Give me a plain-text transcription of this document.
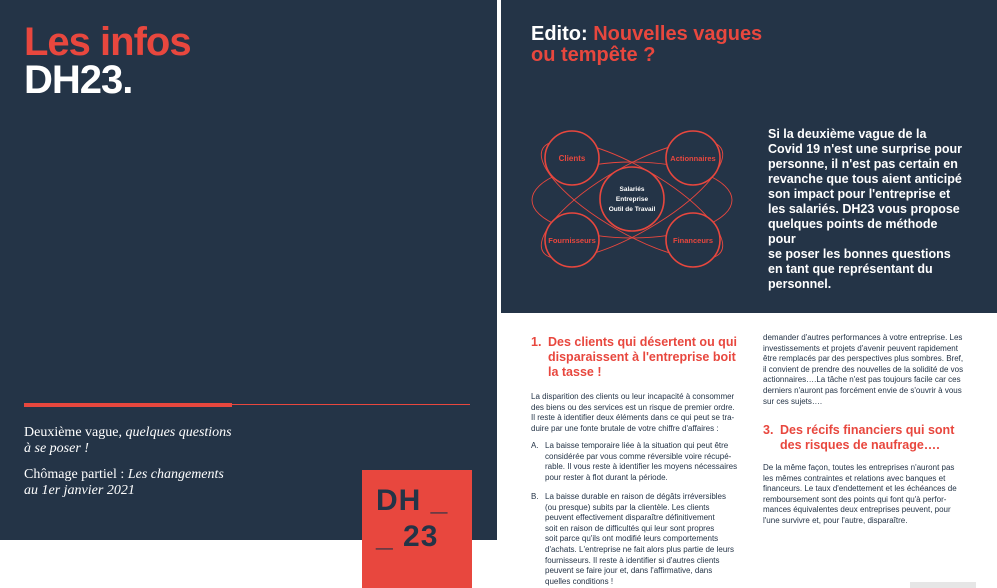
Les infos
DH23.

Deuxième vague, quelques questions

à se poser !

Chômage partiel : Les changements

au 1er janvier 2021	DH _
_ 23
Edito: Nouvelles vagues
ou tempête ?
Clients	Actionnaires
Fournisseurs	Financeurs
Salariés
Entreprise
Outil de Travail

Si la deuxième vague de la
Covid 19 n'est une surprise pour
personne, il n'est pas certain en
revanche que tous aient anticipé
son impact pour l'entreprise et
les salariés. DH23 vous propose
quelques points de méthode pour
se poser les bonnes questions
en tant que représentant du
personnel.

1. Des clients qui désertent ou qui
disparaissent à l'entreprise boit
la tasse !

La disparition des clients ou leur incapacité à consommer
des biens ou des services est un risque de premier ordre.
Il reste à identifier deux éléments dans ce qui peut se tra-
duire par une fonte brutale de votre chiffre d'affaires :

A. La baisse temporaire liée à la situation qui peut être
considérée par vous comme réversible voire récupé-
rable. Il vous reste à identifier les moyens nécessaires
pour rester à flot durant la période.
B. La baisse durable en raison de dégâts irréversibles
(ou presque) subits par la clientèle. Les clients
peuvent effectivement disparaître définitivement
soit en raison de difficultés qui leur sont propres
soit parce qu'ils ont modifié leurs comportements
d'achats. L'entreprise ne fait alors plus partie de leurs
fournisseurs. Il reste à identifier si d'autres clients
peuvent se faire jour et, dans l'affirmative, dans
quelles conditions !

demander d'autres performances à votre entreprise. Les
investissements et projets d'avenir peuvent rapidement
être remplacés par des perspectives plus sombres. Bref,
il convient de prendre des nouvelles de la solidité de vos
actionnaires….La tâche n'est pas toujours facile car ces
derniers n'auront pas forcément envie de s'ouvrir à vous
sur ces sujets….

3. Des récifs financiers qui sont
des risques de naufrage….

De la même façon, toutes les entreprises n'auront pas
les mêmes contraintes et relations avec banques et
financeurs. Le taux d'endettement et les échéances de
remboursement sont des points qui font qu'à perfor-
mances équivalentes deux entreprises peuvent, pour
l'une survivre et, pour l'autre, disparaître.
